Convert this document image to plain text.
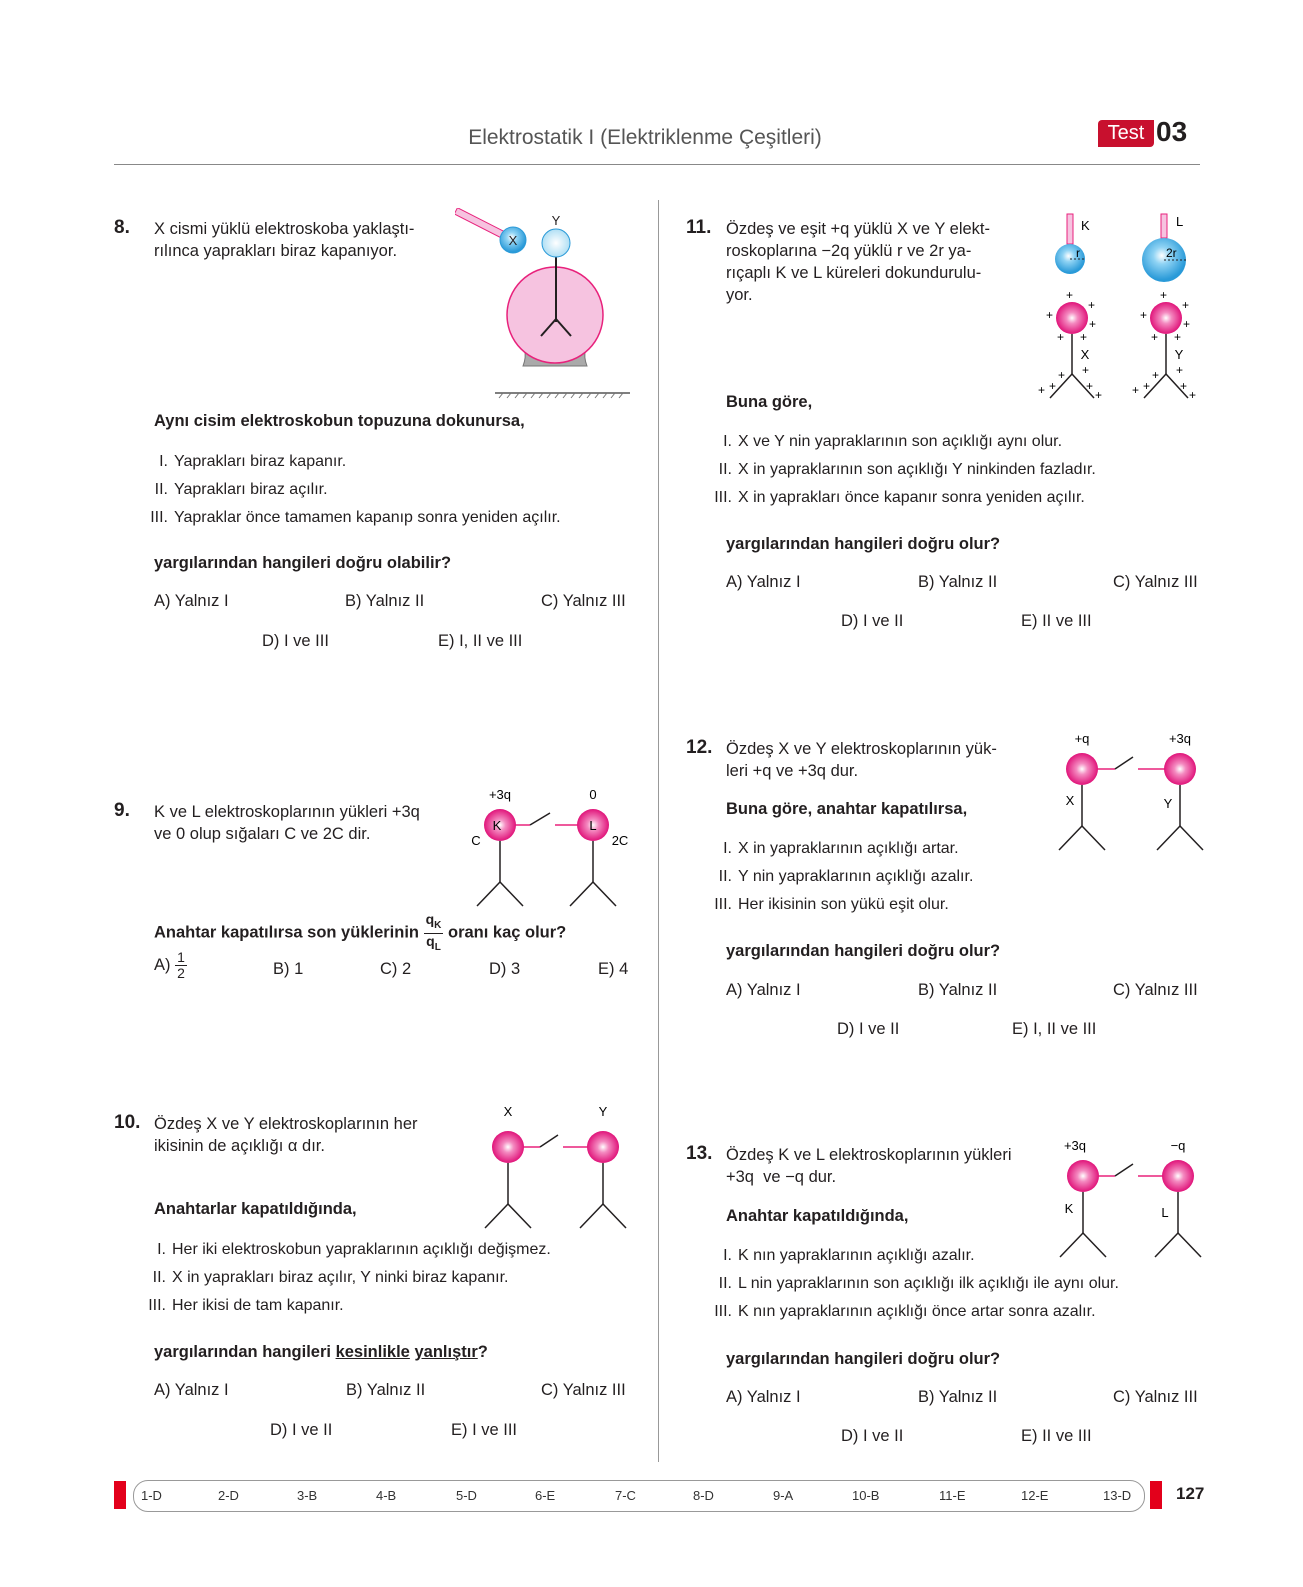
Elektrostatik I (Elektriklenme Çeşitleri)	Test 03
8. X cismi yüklü elektroskoba yaklaştı-
rılınca yaprakları biraz kapanıyor.
X
Y
Aynı cisim elektroskobun topuzuna dokunursa,
I. Yaprakları biraz kapanır.
II. Yaprakları biraz açılır.
III. Yapraklar önce tamamen kapanıp sonra yeniden açılır.
yargılarından hangileri doğru olabilir?
A) Yalnız I	B) Yalnız II	C) Yalnız III
D) I ve III	E) I, II ve III
9. K ve L elektroskoplarının yükleri +3q
ve 0 olup sığaları C ve 2C dir.
+3q	0
K	L
C	2C
Anahtar kapatılırsa son yüklerinin $\frac{q_K}{q_L}$ oranı kaç olur?
$A) \frac{1}{2}$	B) 1	C) 2	D) 3	E) 4
10. Özdeş X ve Y elektroskoplarının her
ikisinin de açıklığı α dır.
X	Y
Anahtarlar kapatıldığında,
I. Her iki elektroskobun yapraklarının açıklığı değişmez.
II. X in yaprakları biraz açılır, Y ninki biraz kapanır.
III. Her ikisi de tam kapanır.
yargılarından hangileri kesinlikle yanlıştır?
A) Yalnız I	B) Yalnız II	C) Yalnız III
D) I ve II	E) I ve III
11. Özdeş ve eşit +q yüklü X ve Y elekt-
roskoplarına −2q yüklü r ve 2r ya-
rıçaplı K ve L küreleri dokundurulu-
yor.
K
r
L
2r
X
+
+
+
+
+ +
+
+
+ +
+
+
Y
+
+
+
+
+ +
+
+
+ +
+
+
Buna göre,
I. X ve Y nin yapraklarının son açıklığı aynı olur.
II. X in yapraklarının son açıklığı Y ninkinden fazladır.
III. X in yaprakları önce kapanır sonra yeniden açılır.
yargılarından hangileri doğru olur?
A) Yalnız I	B) Yalnız II	C) Yalnız III
D) I ve II	E) II ve III
12. Özdeş X ve Y elektroskoplarının yük-
leri +q ve +3q dur.
+q	+3q
X	Y
Buna göre, anahtar kapatılırsa,
I. X in yapraklarının açıklığı artar.
II. Y nin yapraklarının açıklığı azalır.
III. Her ikisinin son yükü eşit olur.
yargılarından hangileri doğru olur?
A) Yalnız I	B) Yalnız II	C) Yalnız III
D) I ve II	E) I, II ve III
13. Özdeş K ve L elektroskoplarının yükleri
+3q  ve −q dur.
+3q	−q
K	L
Anahtar kapatıldığında,
I. K nın yapraklarının açıklığı azalır.
II. L nin yapraklarının son açıklığı ilk açıklığı ile aynı olur.
III. K nın yapraklarının açıklığı önce artar sonra azalır.
yargılarından hangileri doğru olur?
A) Yalnız I	B) Yalnız II	C) Yalnız III
D) I ve II	E) II ve III
1-D	2-D	3-B	4-B	5-D	6-E	7-C	8-D	9-A	10-B	11-E	12-E	13-D	127
